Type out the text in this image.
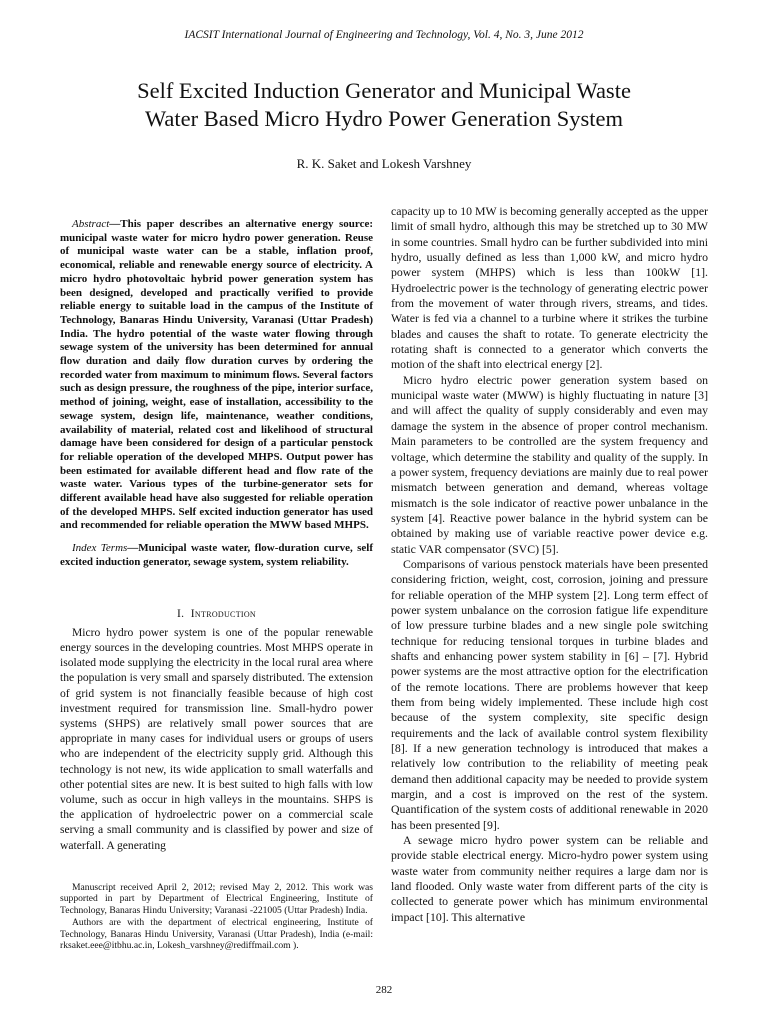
IACSIT International Journal of Engineering and Technology, Vol. 4, No. 3, June 2012
Self Excited Induction Generator and Municipal Waste
Water Based Micro Hydro Power Generation System
R. K. Saket and Lokesh Varshney
Abstract—This paper describes an alternative energy source: municipal waste water for micro hydro power generation. Reuse of municipal waste water can be a stable, inflation proof, economical, reliable and renewable energy source of electricity. A micro hydro photovoltaic hybrid power generation system has been designed, developed and practically verified to provide reliable energy to suitable load in the campus of the Institute of Technology, Banaras Hindu University, Varanasi (Uttar Pradesh) India. The hydro potential of the waste water flowing through sewage system of the university has been determined for annual flow duration and daily flow duration curves by ordering the recorded water from maximum to minimum flows. Several factors such as design pressure, the roughness of the pipe, interior surface, method of joining, weight, ease of installation, accessibility to the sewage system, design life, maintenance, weather conditions, availability of material, related cost and likelihood of structural damage have been considered for design of a particular penstock for reliable operation of the developed MHPS. Output power has been estimated for available different head and flow rate of the waste water. Various types of the turbine-generator sets for different available head have also suggested for reliable operation of the developed MHPS. Self excited induction generator has used and recommended for reliable operation the MWW based MHPS.
Index Terms—Municipal waste water, flow-duration curve, self excited induction generator, sewage system, system reliability.
I. Introduction

Micro hydro power system is one of the popular renewable energy sources in the developing countries. Most MHPS operate in isolated mode supplying the electricity in the local rural area where the population is very small and sparsely distributed. The extension of grid system is not financially feasible because of high cost investment required for transmission line. Small-hydro power systems (SHPS) are relatively small power sources that are appropriate in many cases for individual users or groups of users who are independent of the electricity supply grid. Although this technology is not new, its wide application to small waterfalls and other potential sites are new. It is best suited to high falls with low volume, such as occur in high valleys in the mountains. SHPS is the application of hydroelectric power on a commercial scale serving a small community and is classified by power and size of waterfall. A generating

Manuscript received April 2, 2012; revised May 2, 2012. This work was supported in part by Department of Electrical Engineering, Institute of Technology, Banaras Hindu University; Varanasi -221005 (Uttar Pradesh) India.

Authors are with the department of electrical engineering, Institute of Technology, Banaras Hindu University, Varanasi (Uttar Pradesh), India (e-mail: rksaket.eee@itbhu.ac.in, Lokesh_varshney@rediffmail.com ).

capacity up to 10 MW is becoming generally accepted as the upper limit of small hydro, although this may be stretched up to 30 MW in some countries. Small hydro can be further subdivided into mini hydro, usually defined as less than 1,000 kW, and micro hydro power system (MHPS) which is less than 100kW [1]. Hydroelectric power is the technology of generating electric power from the movement of water through rivers, streams, and tides. Water is fed via a channel to a turbine where it strikes the turbine blades and causes the shaft to rotate. To generate electricity the rotating shaft is connected to a generator which converts the motion of the shaft into electrical energy [2].

Micro hydro electric power generation system based on municipal waste water (MWW) is highly fluctuating in nature [3] and will affect the quality of supply considerably and even may damage the system in the absence of proper control mechanism. Main parameters to be controlled are the system frequency and voltage, which determine the stability and quality of the supply. In a power system, frequency deviations are mainly due to real power mismatch between generation and demand, whereas voltage mismatch is the sole indicator of reactive power unbalance in the system [4]. Reactive power balance in the hybrid system can be obtained by making use of variable reactive power device e.g. static VAR compensator (SVC) [5].

Comparisons of various penstock materials have been presented considering friction, weight, cost, corrosion, joining and pressure for reliable operation of the MHP system [2]. Long term effect of power system unbalance on the corrosion fatigue life expenditure of low pressure turbine blades and a new single pole switching technique for reducing tensional torques in turbine blades and shafts and enhancing power system stability in [6] – [7]. Hybrid power systems are the most attractive option for the electrification of the remote locations. There are problems however that keep them from being widely implemented. These include high cost because of the system complexity, site specific design requirements and the lack of available control system flexibility [8]. If a new generation technology is introduced that makes a relatively low contribution to the reliability of meeting peak demand then additional capacity may be needed to provide system margin, and a cost is improved on the rest of the system. Quantification of the system costs of additional renewable in 2020 has been presented [9].

A sewage micro hydro power system can be reliable and provide stable electrical energy. Micro-hydro power system using waste water from community neither requires a large dam nor is land flooded. Only waste water from different parts of the city is collected to generate power which has minimum environmental impact [10]. This alternative

282
